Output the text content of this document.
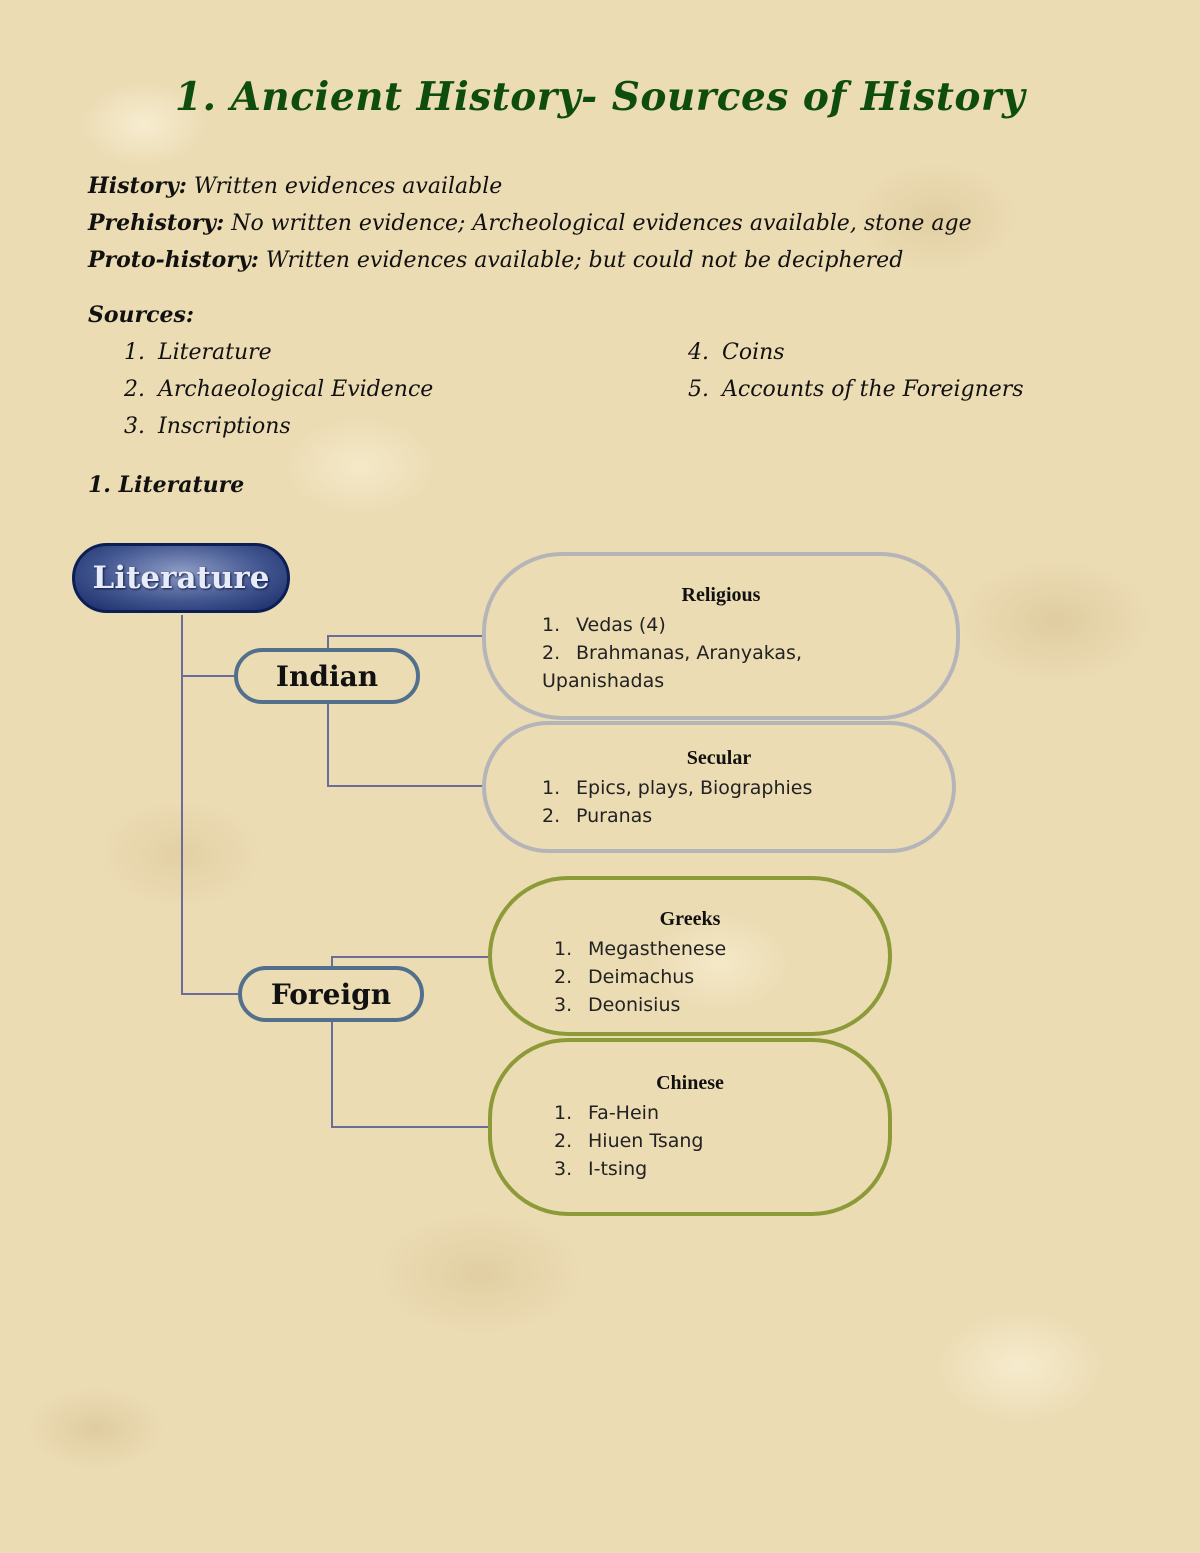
1. Ancient History- Sources of History

History: Written evidences available

Prehistory: No written evidence; Archeological evidences available, stone age

Proto-history: Written evidences available; but could not be deciphered

Sources:

1. Literature
2. Archaeological Evidence
3. Inscriptions
4. Coins
5. Accounts of the Foreigners

1. Literature

Literature
Indian
Foreign
Religious
1. Vedas (4)
2. Brahmanas, Aranyakas,
Upanishadas
Secular
1. Epics, plays, Biographies
2. Puranas
Greeks
1. Megasthenese
2. Deimachus
3. Deonisius
Chinese
1. Fa-Hein
2. Hiuen Tsang
3. I-tsing
